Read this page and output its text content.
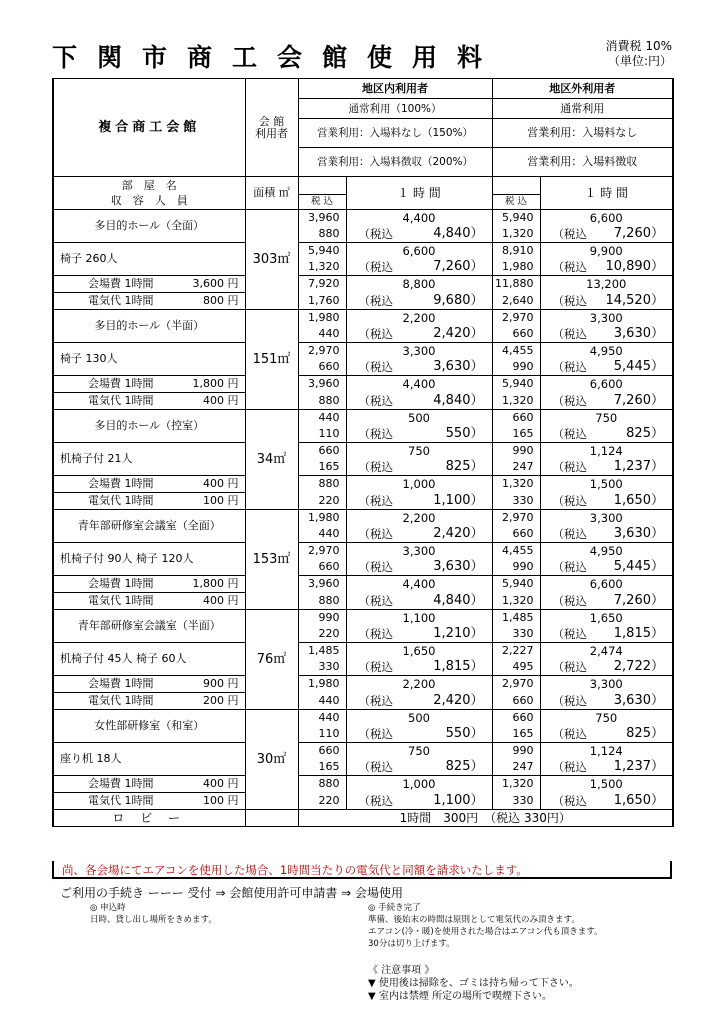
下関市商工会館使用料	消費税 10%
（単位:円）
複合商工会館	会 館
利用者	地区内利用者		地区外利用者	
		通常利用（100%）		通常利用	
		営業利用：入場料なし（150%）		営業利用：入場料なし	
		営業利用：入場料徴収（200%）		営業利用：入場料徴収	

部　屋　名
収　容　人　員	面積 ㎡		１ 時 間		１ 時 間
		税 込		税 込	
多目的ホール（全面）	303㎡	3,960	4,400	5,940	6,600
		880	（税込 4,840）	1,320	（税込 7,260）

椅子 260人		5,940	6,600	8,910	9,900
		1,320	（税込 7,260）	1,980	（税込 10,890）

会場費 1時間 3,600 円		7,920	8,800	11,880	13,200

電気代 1時間 800 円		1,760	（税込 9,680）	2,640	（税込 14,520）

多目的ホール（半面）	151㎡	1,980	2,200	2,970	3,300
		440	（税込 2,420）	660	（税込 3,630）

椅子 130人		2,970	3,300	4,455	4,950
		660	（税込 3,630）	990	（税込 5,445）

会場費 1時間 1,800 円		3,960	4,400	5,940	6,600

電気代 1時間 400 円		880	（税込 4,840）	1,320	（税込 7,260）

多目的ホール（控室）	34㎡	440	500	660	750
		110	（税込 550）	165	（税込 825）

机椅子付 21人		660	750	990	1,124
		165	（税込 825）	247	（税込 1,237）

会場費 1時間 400 円		880	1,000	1,320	1,500

電気代 1時間 100 円		220	（税込 1,100）	330	（税込 1,650）

青年部研修室会議室（全面）	153㎡	1,980	2,200	2,970	3,300
		440	（税込 2,420）	660	（税込 3,630）

机椅子付 90人 椅子 120人		2,970	3,300	4,455	4,950
		660	（税込 3,630）	990	（税込 5,445）

会場費 1時間 1,800 円		3,960	4,400	5,940	6,600

電気代 1時間 400 円		880	（税込 4,840）	1,320	（税込 7,260）

青年部研修室会議室（半面）	76㎡	990	1,100	1,485	1,650
		220	（税込 1,210）	330	（税込 1,815）

机椅子付 45人 椅子 60人		1,485	1,650	2,227	2,474
		330	（税込 1,815）	495	（税込 2,722）

会場費 1時間 900 円		1,980	2,200	2,970	3,300

電気代 1時間 200 円		440	（税込 2,420）	660	（税込 3,630）

女性部研修室（和室）	30㎡	440	500	660	750
		110	（税込 550）	165	（税込 825）

座り机 18人		660	750	990	1,124
		165	（税込 825）	247	（税込 1,237）

会場費 1時間 400 円		880	1,000	1,320	1,500

電気代 1時間 100 円		220	（税込 1,100）	330	（税込 1,650）

ロ ビ ー		1時間　300円　（税込 330円）			
尚、各会場にてエアコンを使用した場合、1時間当たりの電気代と同額を請求いたします。
ご利用の手続き ーーー 受付 ⇒ 会館使用許可申請書 ⇒ 会場使用
◎ 申込時
日時、貸し出し場所をきめます。
◎ 手続き完了
準備、後始末の時間は原則として電気代のみ頂きます。
エアコン(冷・暖)を使用された場合はエアコン代も頂きます。
30分は切り上げます。
《 注意事項 》
▼ 使用後は掃除を、ゴミは持ち帰って下さい。
▼ 室内は禁煙 所定の場所で喫煙下さい。
